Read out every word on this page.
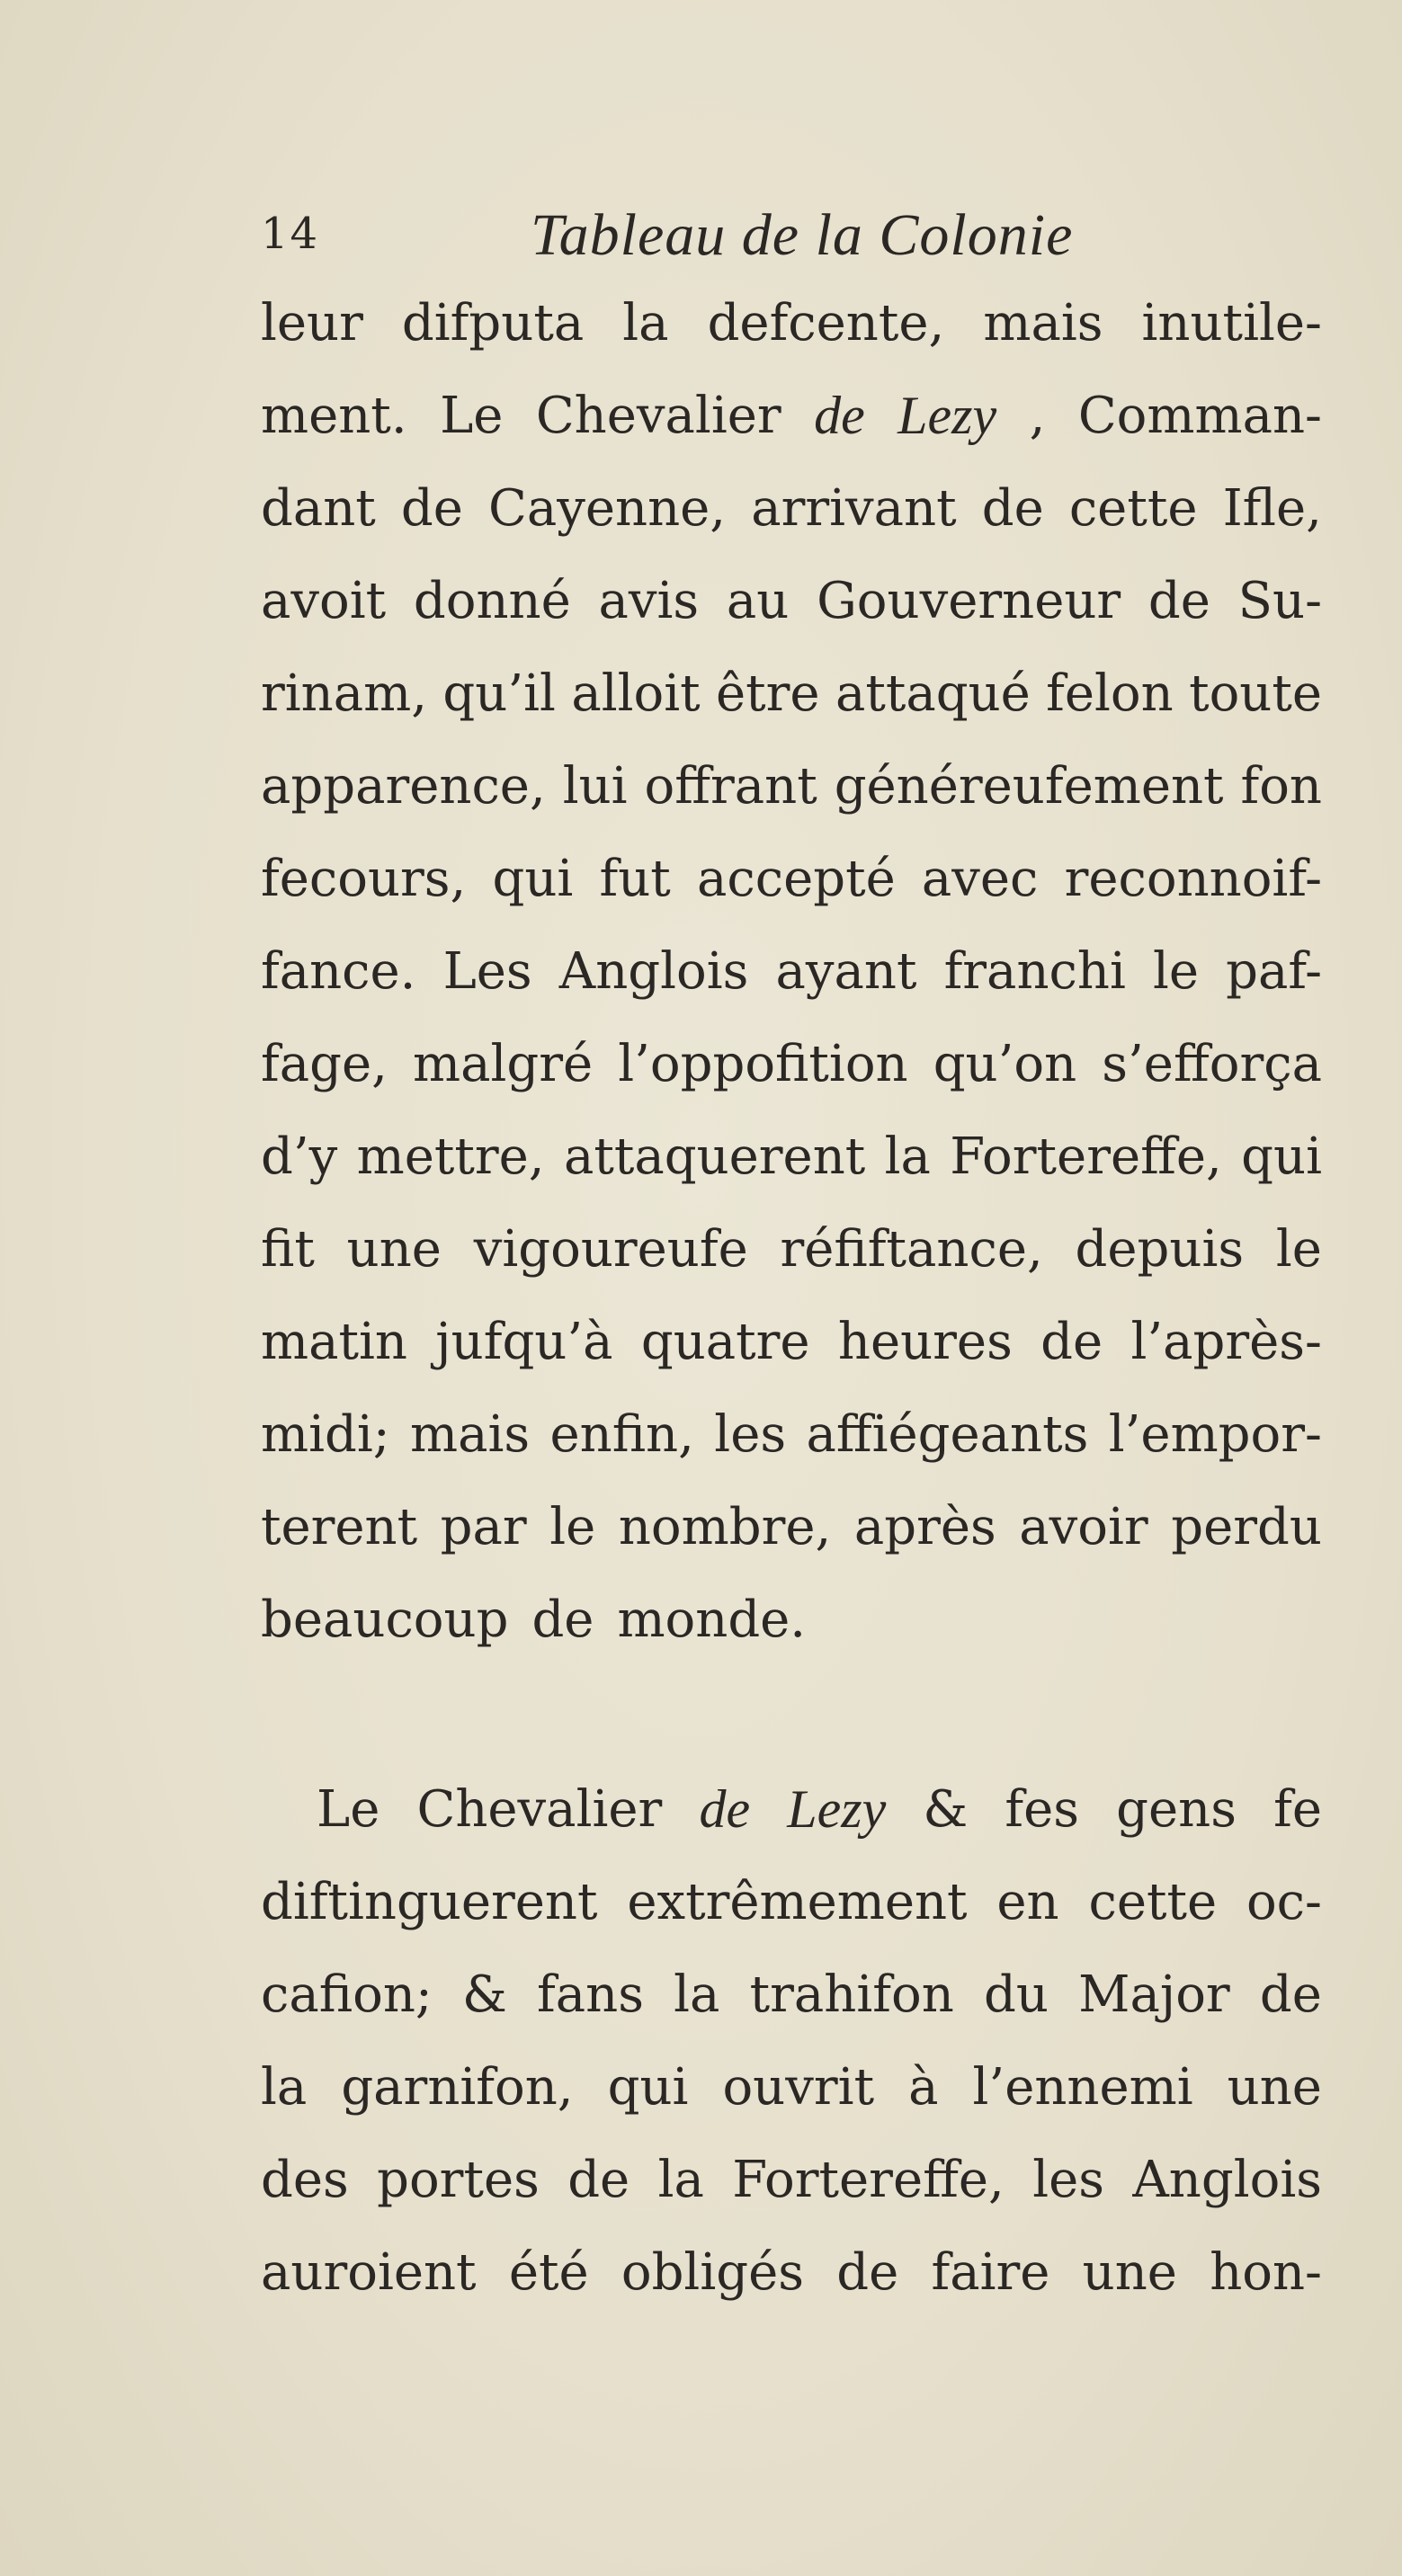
14	Tableau de la Colonie
leur difputa la defcente, mais inutile-
ment. Le Chevalier de Lezy , Comman-
dant de Cayenne, arrivant de cette Ifle,
avoit donné avis au Gouverneur de Su-
rinam, qu’il alloit être attaqué felon toute
apparence, lui offrant généreufement fon
fecours, qui fut accepté avec reconnoif-
fance. Les Anglois ayant franchi le paf-
fage, malgré l’oppofition qu’on s’efforça
d’y mettre, attaquerent la Fortereffe, qui
fit une vigoureufe réfiftance, depuis le
matin jufqu’à quatre heures de l’après-
midi; mais enfin, les affiégeants l’empor-
terent par le nombre, après avoir perdu
beaucoup de monde.
Le Chevalier de Lezy & fes gens fe
diftinguerent extrêmement en cette oc-
cafion; & fans la trahifon du Major de
la garnifon, qui ouvrit à l’ennemi une
des portes de la Fortereffe, les Anglois
auroient été obligés de faire une hon-
